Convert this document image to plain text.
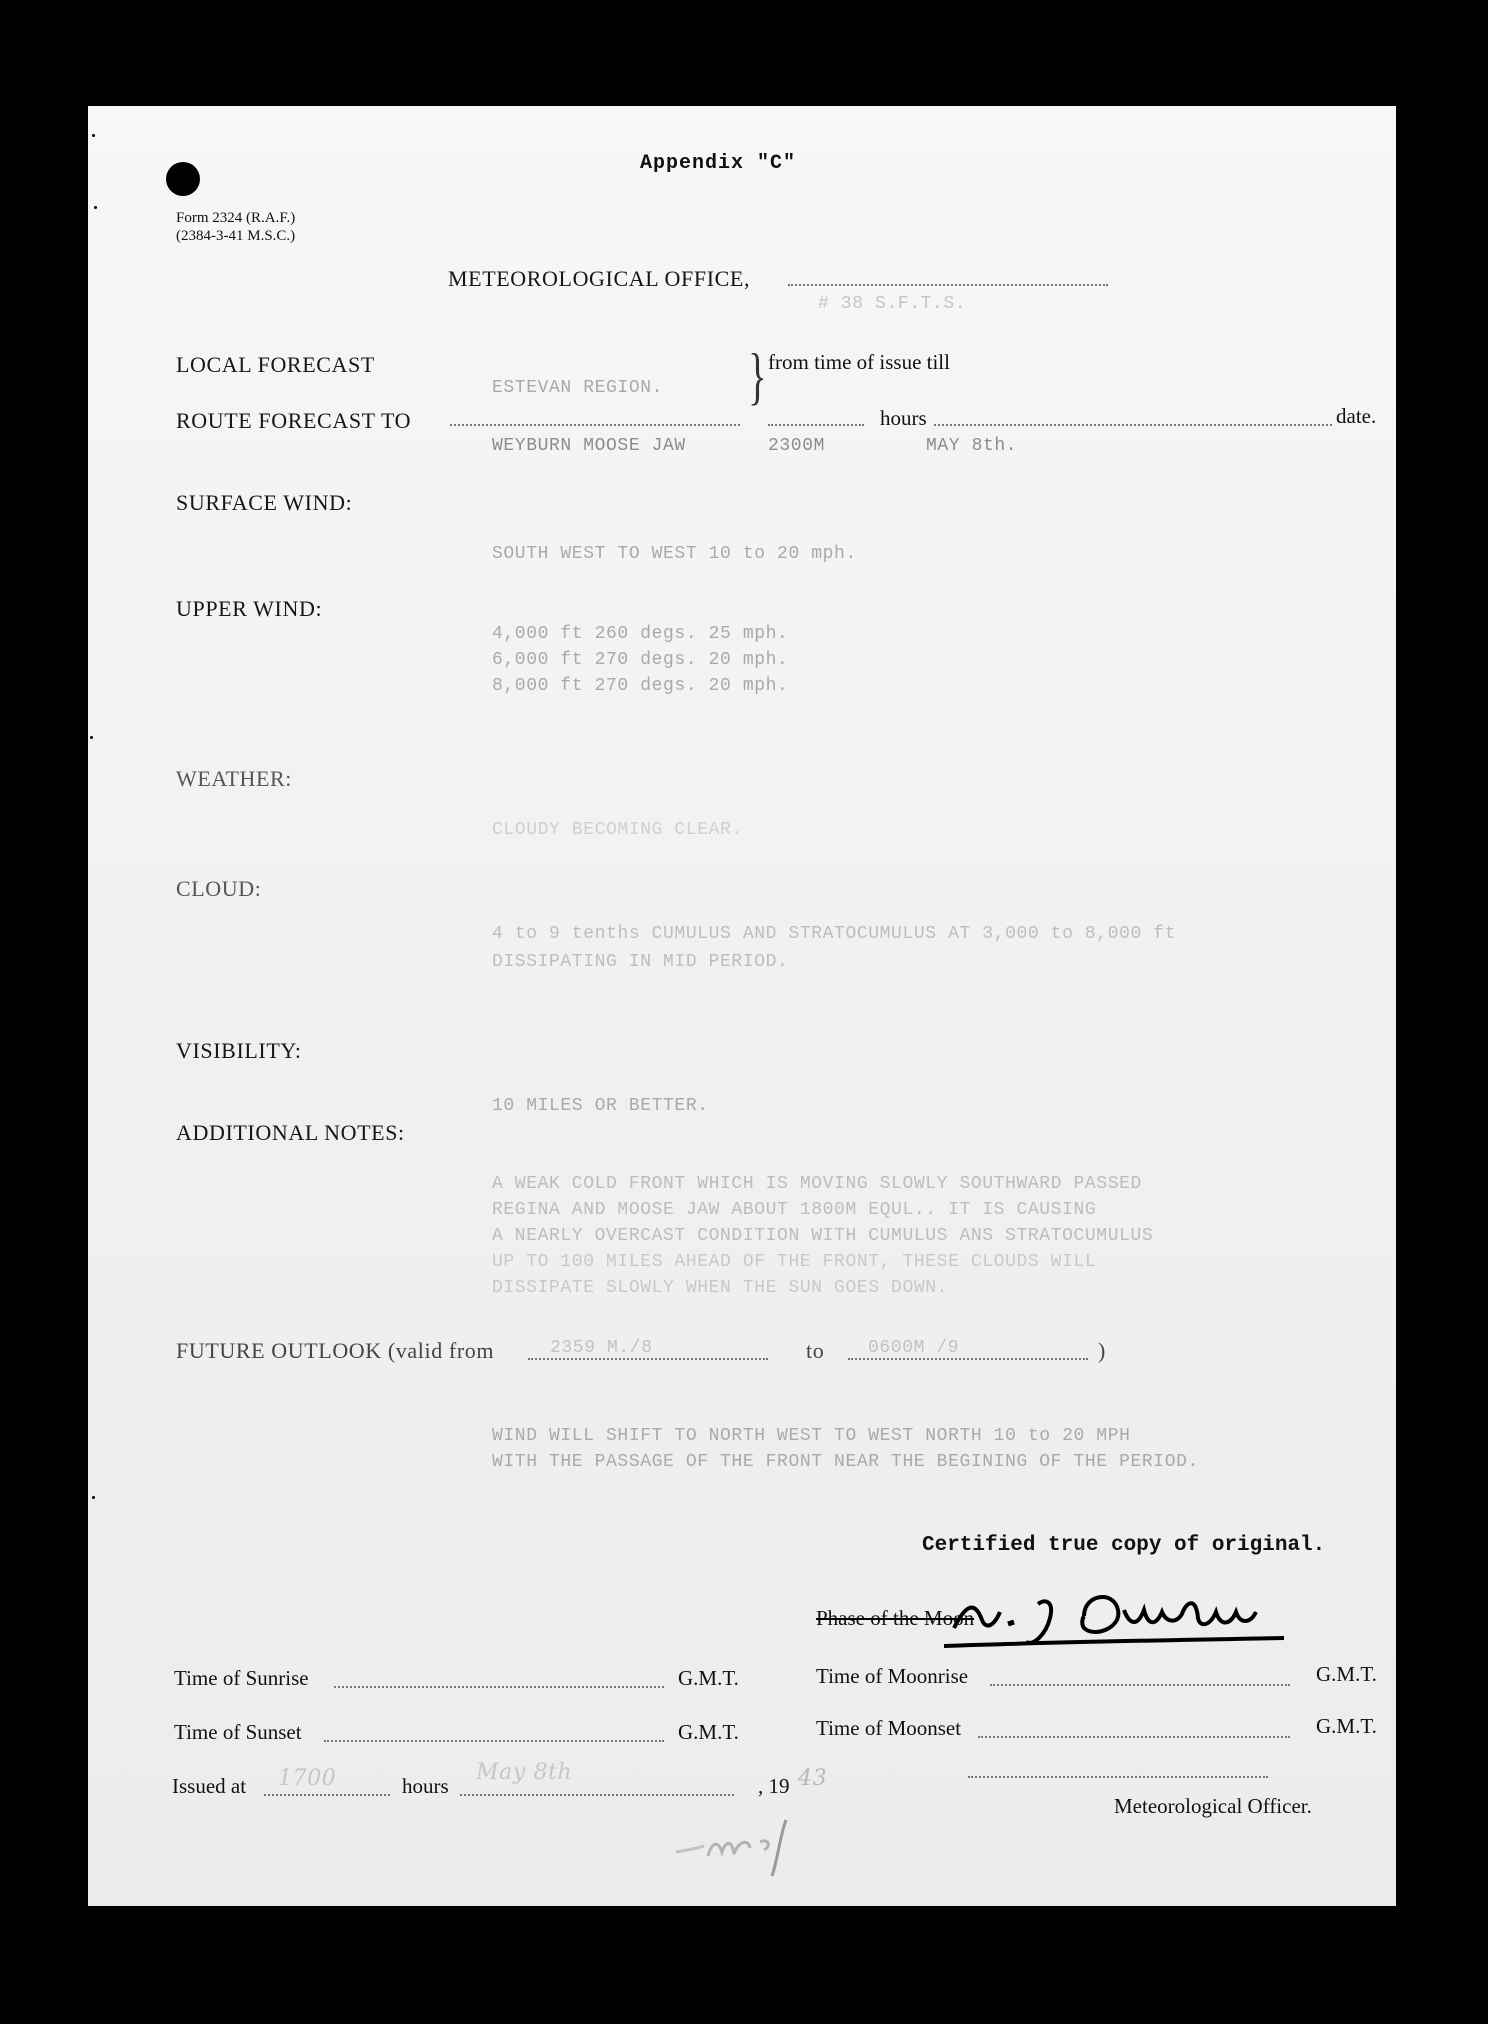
Appendix "C"
Form 2324 (R.A.F.)
(2384-3-41 M.S.C.)
METEOROLOGICAL OFFICE,
# 38 S.F.T.S.
LOCAL FORECAST
ESTEVAN REGION.
ROUTE FORECAST TO
WEYBURN MOOSE JAW
} from time of issue till
hours	date.
2300M	MAY 8th.
SURFACE WIND:
SOUTH WEST TO WEST 10 to 20 mph.
UPPER WIND:
4,000 ft 260 degs. 25 mph.
6,000 ft 270 degs. 20 mph.
8,000 ft 270 degs. 20 mph.
WEATHER:
CLOUDY BECOMING CLEAR.
CLOUD:
4 to 9 tenths CUMULUS AND STRATOCUMULUS AT 3,000 to 8,000 ft
DISSIPATING IN MID PERIOD.
VISIBILITY:
10 MILES OR BETTER.
ADDITIONAL NOTES:
A WEAK COLD FRONT WHICH IS MOVING SLOWLY SOUTHWARD PASSED
REGINA AND MOOSE JAW ABOUT 1800M EQUL.. IT IS CAUSING
A NEARLY OVERCAST CONDITION WITH CUMULUS ANS STRATOCUMULUS
UP TO 100 MILES AHEAD OF THE FRONT, THESE CLOUDS WILL
DISSIPATE SLOWLY WHEN THE SUN GOES DOWN.
FUTURE OUTLOOK (valid from	2359 M./8	to 0600M /9	)
WIND WILL SHIFT TO NORTH WEST TO WEST NORTH 10 to 20 MPH
WITH THE PASSAGE OF THE FRONT NEAR THE BEGINING OF THE PERIOD.
Certified true copy of original.
Phase of the Moon
Time of Sunrise	G.M.T.	Time of Moonrise	G.M.T.
Time of Sunset	G.M.T.	Time of Moonset	G.M.T.
Issued at 1700	hours
May 8th
, 19 43
Meteorological Officer.
